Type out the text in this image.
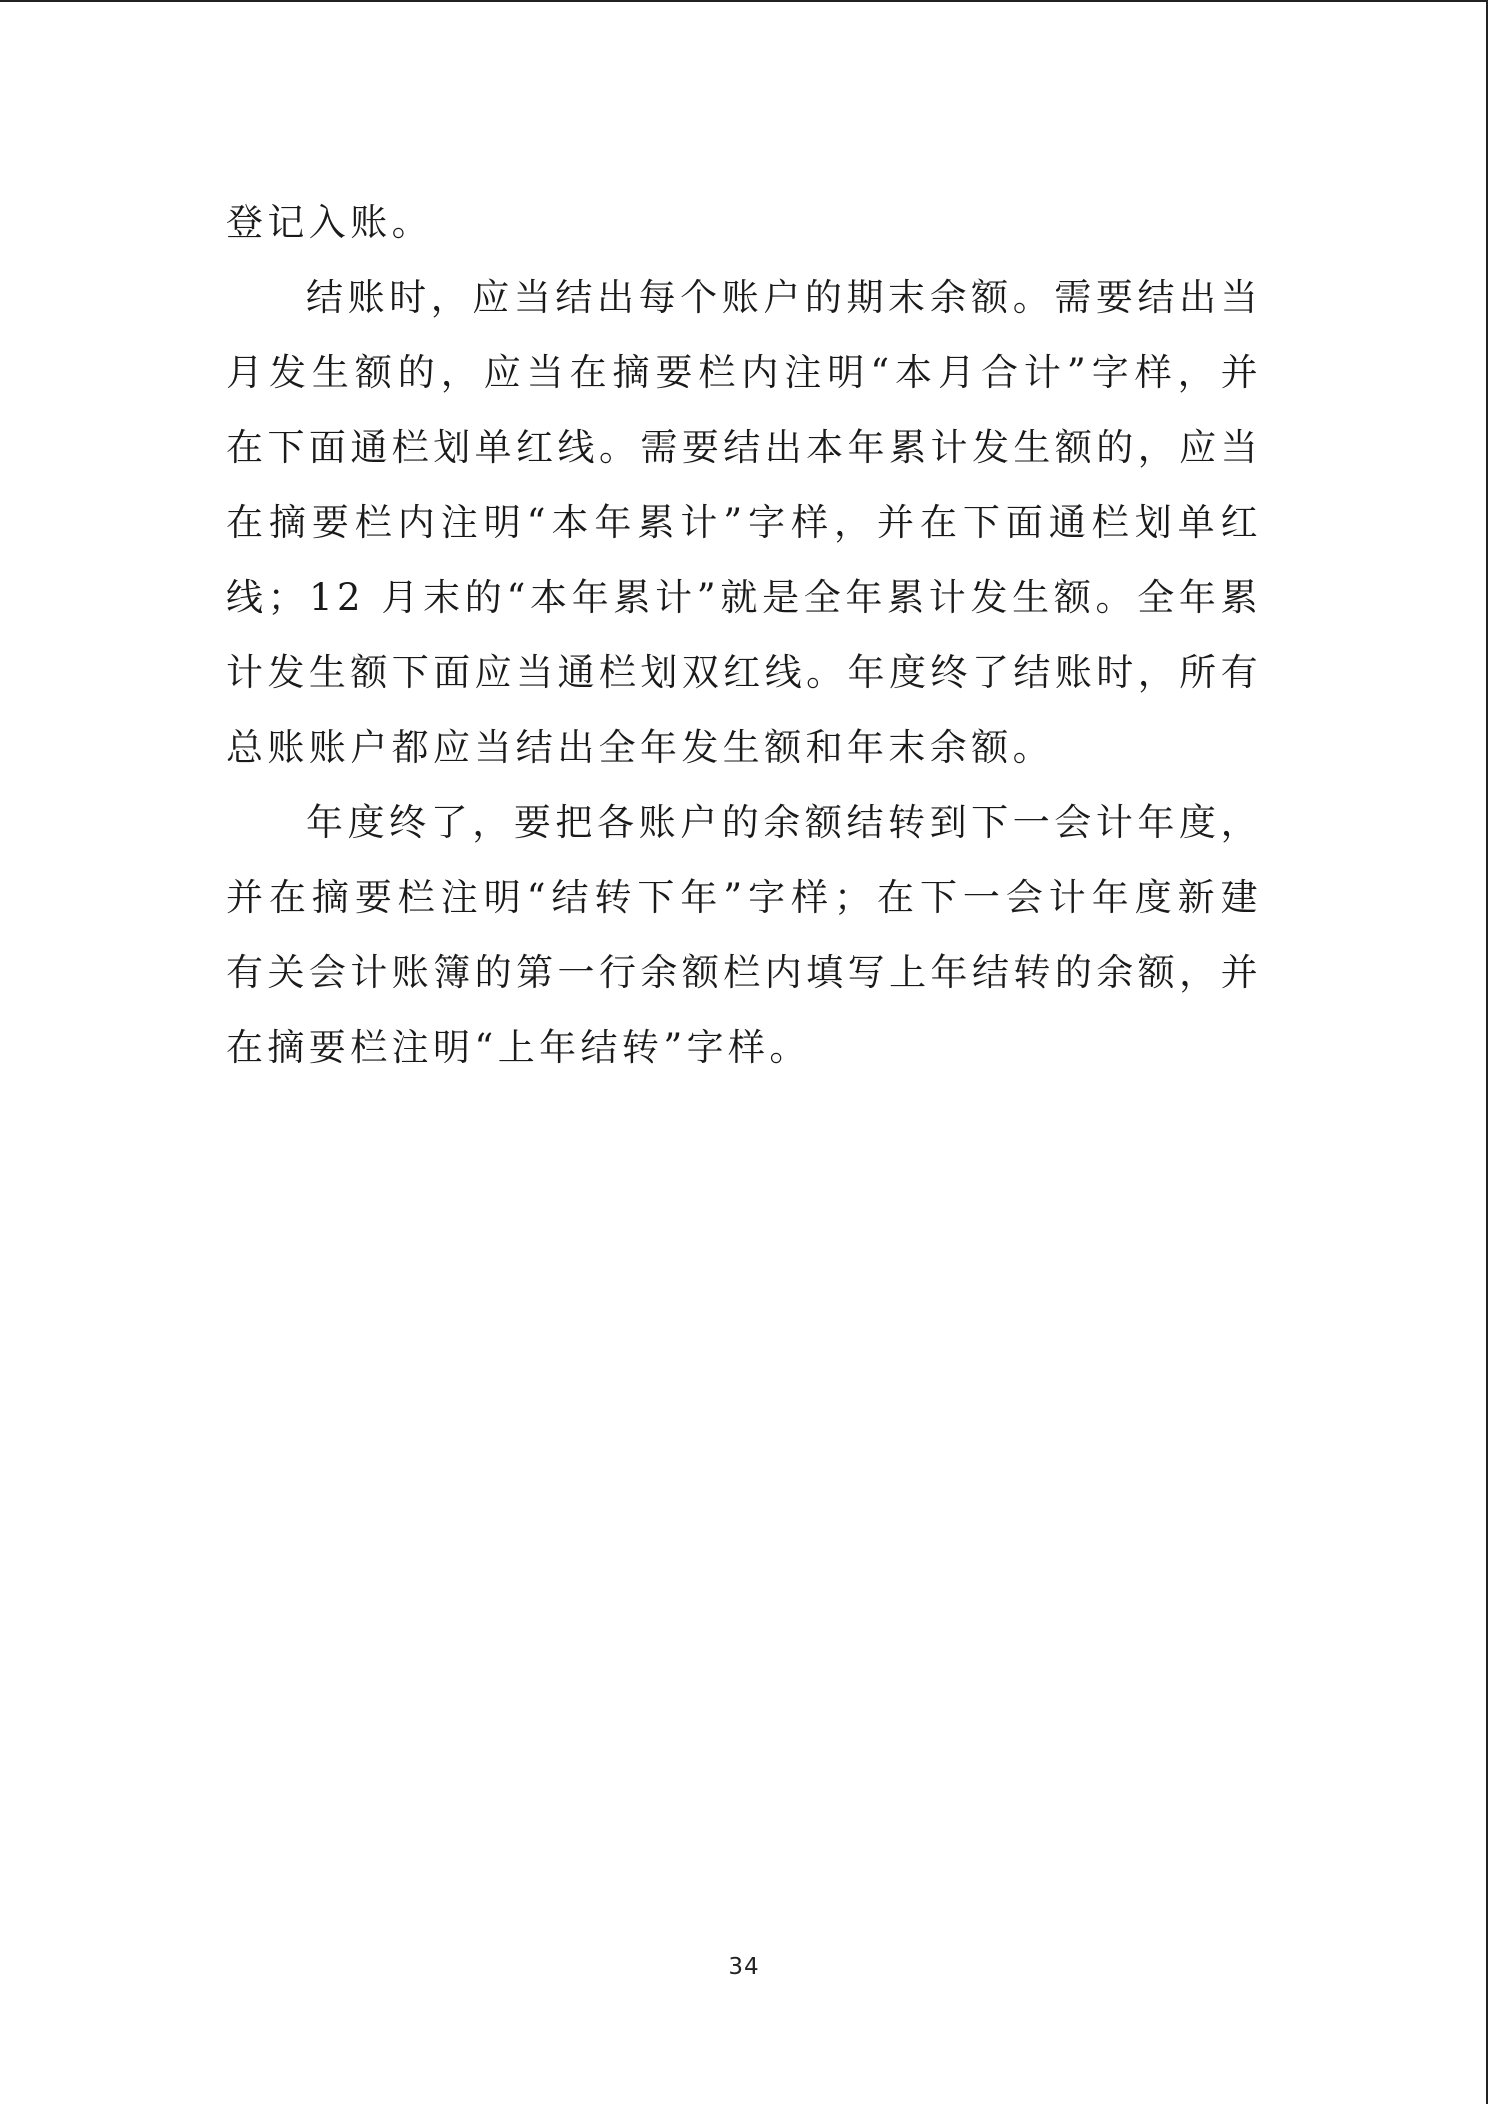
登记入账。

结账时，应当结出每个账户的期末余额。需要结出当月发生额的，应当在摘要栏内注明“本月合计”字样，并在下面通栏划单红线。需要结出本年累计发生额的，应当在摘要栏内注明“本年累计”字样，并在下面通栏划单红线；12 月末的“本年累计”就是全年累计发生额。全年累计发生额下面应当通栏划双红线。年度终了结账时，所有总账账户都应当结出全年发生额和年末余额。

年度终了，要把各账户的余额结转到下一会计年度，并在摘要栏注明“结转下年”字样；在下一会计年度新建有关会计账簿的第一行余额栏内填写上年结转的余额，并在摘要栏注明“上年结转”字样。

34
